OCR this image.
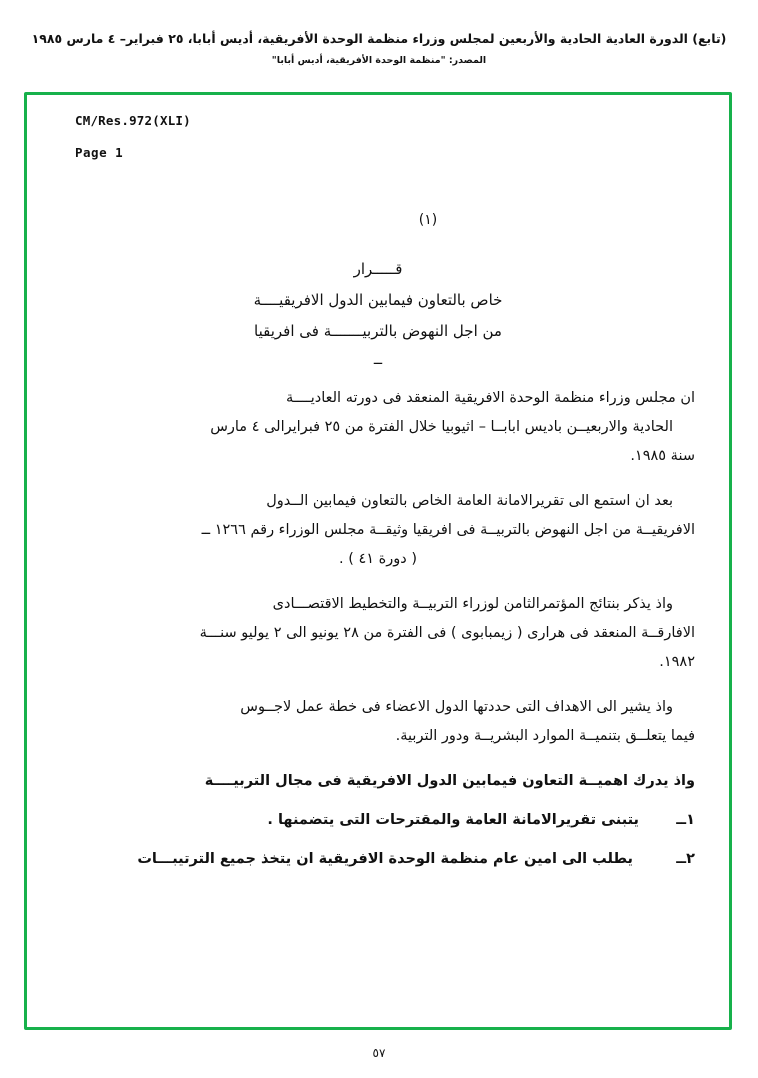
(تابع) الدورة العادية الحادية والأربعين لمجلس وزراء منظمة الوحدة الأفريقية، أديس أبابا، ٢٥ فبراير– ٤ مارس ١٩٨٥
المصدر: "منظمة الوحدة الأفريقية، أديس أبابا"
CM/Res.972(XLI)
Page 1
(١)
قـــــرار
خاص بالتعاون فيمابين الدول الافريقيــــة
من اجل النهوض بالتربيـــــــة فى افريقيا
ــ
ان مجلس وزراء منظمة الوحدة الافريقية المنعقد فى دورته العاديــــة
الحادية والاربعيــن باديس ابابــا – اثيوبيا خلال الفترة من ٢٥ فبرايرالى ٤ مارس
سنة ١٩٨٥.
بعد ان استمع الى تقريرالامانة العامة الخاص بالتعاون فيمابين الــدول
الافريقيــة من اجل النهوض بالتربيــة فى افريقيا وثيقــة مجلس الوزراء رقم ١٢٦٦ ــ
( دورة ٤١ ) .
واذ يذكر بنتائج المؤتمرالثامن لوزراء التربيــة والتخطيط الاقتصـــادى
الافارقــة المنعقد فى هرارى ( زيمبابوى ) فى الفترة من ٢٨ يونيو الى ٢ يوليو سنـــة
١٩٨٢.
واذ يشير الى الاهداف التى حددتها الدول الاعضاء فى خطة عمل لاجــوس
فيما يتعلــق بتنميــة الموارد البشريــة ودور التربية.
واذ يدرك اهميــة التعاون فيمابين الدول الافريقية فى مجال التربيــــة
١ــ
يتبنى تقريرالامانة العامة والمقترحات التى يتضمنها .
٢ــ
يطلب الى امين عام منظمة الوحدة الافريقية ان يتخذ جميع الترتيبـــات
٥٧
